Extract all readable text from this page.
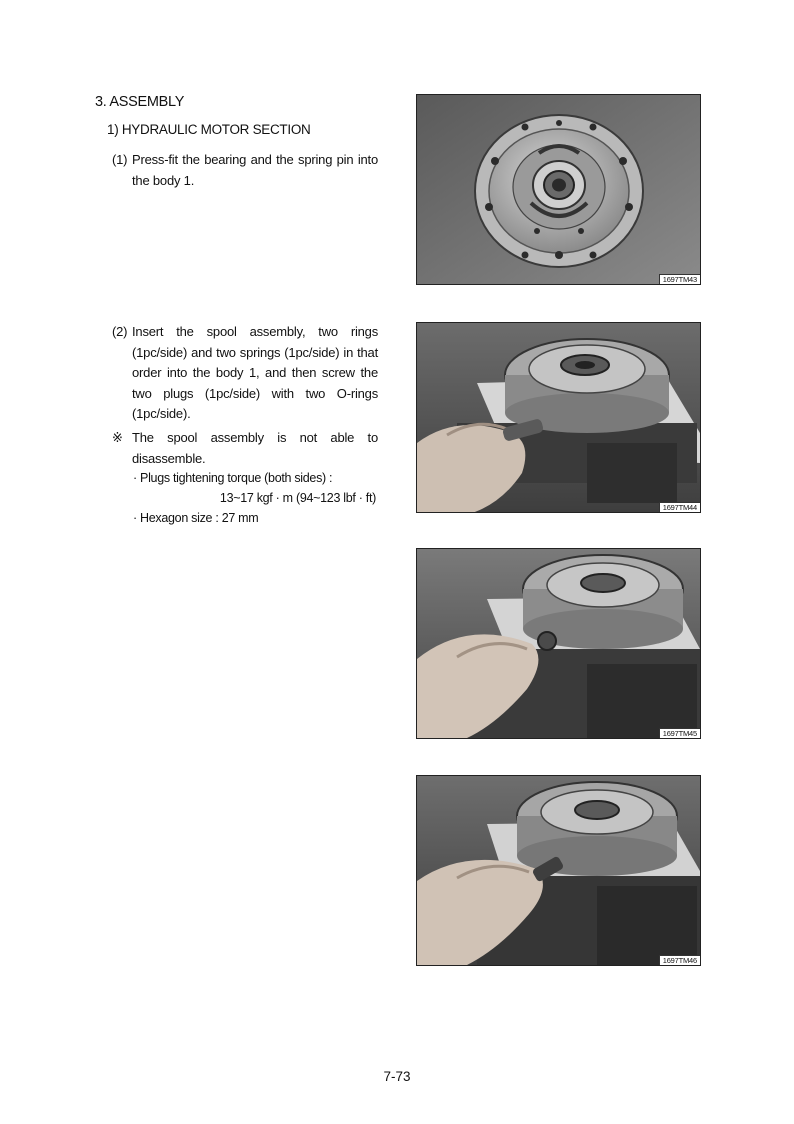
3. ASSEMBLY
1) HYDRAULIC MOTOR SECTION
(1) Press-fit the bearing and the spring pin into the body 1.
(2) Insert the spool assembly, two rings (1pc/side) and two springs (1pc/side) in that order into the body 1, and then screw the two plugs (1pc/side) with two O-rings (1pc/side).
※ The spool assembly is not able to disassemble.
· Plugs tightening torque (both sides) :
13~17 kgf · m (94~123 lbf · ft)
· Hexagon size : 27 mm
1697TM43
1697TM44
1697TM45
1697TM46
7-73
